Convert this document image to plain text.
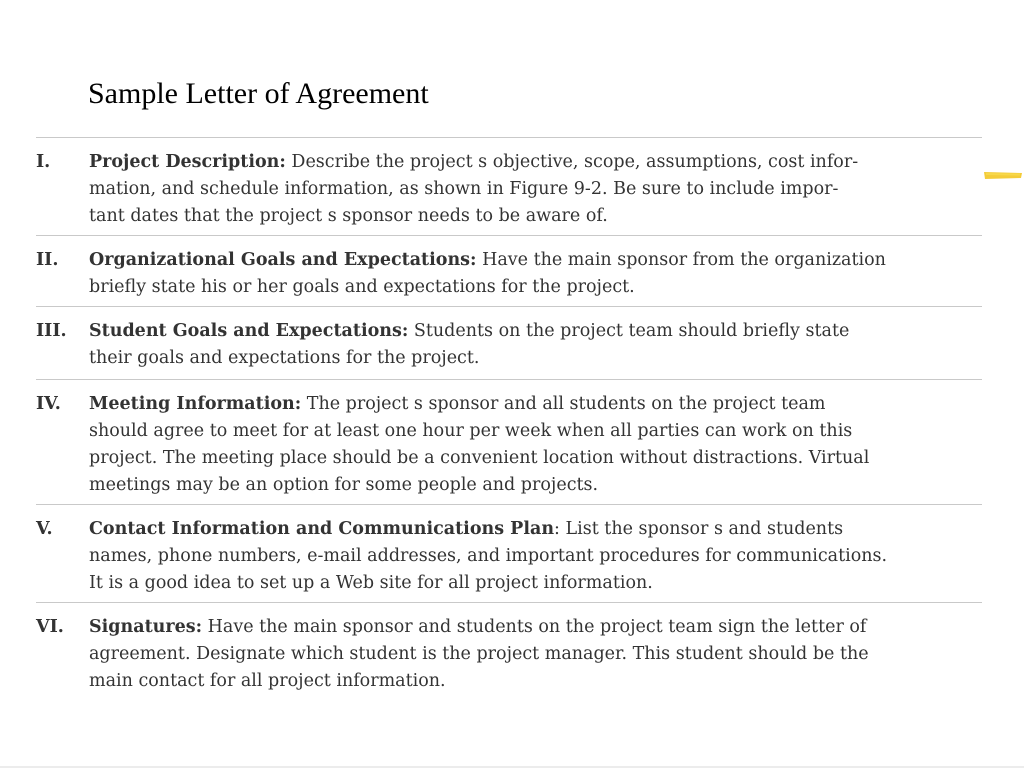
Sample Letter of Agreement
I.	Project Description: Describe the project s objective, scope, assumptions, cost infor-
mation, and schedule information, as shown in Figure 9-2. Be sure to include impor-
tant dates that the project s sponsor needs to be aware of.
II.	Organizational Goals and Expectations: Have the main sponsor from the organization
briefly state his or her goals and expectations for the project.
III.	Student Goals and Expectations: Students on the project team should briefly state
their goals and expectations for the project.
IV.	Meeting Information: The project s sponsor and all students on the project team
should agree to meet for at least one hour per week when all parties can work on this
project. The meeting place should be a convenient location without distractions. Virtual
meetings may be an option for some people and projects.
V.	Contact Information and Communications Plan: List the sponsor s and students
names, phone numbers, e-mail addresses, and important procedures for communications.
It is a good idea to set up a Web site for all project information.
VI.	Signatures: Have the main sponsor and students on the project team sign the letter of
agreement. Designate which student is the project manager. This student should be the
main contact for all project information.
